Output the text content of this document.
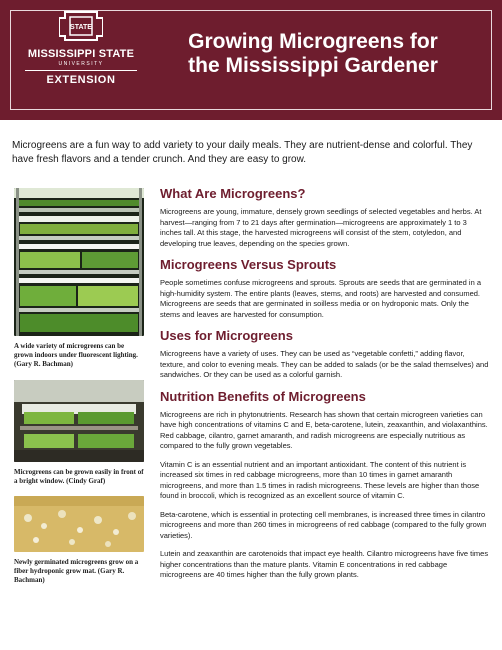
STATE
MISSISSIPPI STATE
UNIVERSITY
EXTENSION
Growing Microgreens for
the Mississippi Gardener
Microgreens are a fun way to add variety to your daily meals. They are nutrient-dense and colorful. They have fresh flavors and a tender crunch. And they are easy to grow.
A wide variety of microgreens can be grown indoors under fluorescent lighting. (Gary R. Bachman)
Microgreens can be grown easily in front of a bright window. (Cindy Graf)
Newly germinated microgreens grow on a fiber hydroponic grow mat. (Gary R. Bachman)
What Are Microgreens?

Microgreens are young, immature, densely grown seedlings of selected vegetables and herbs. At harvest—ranging from 7 to 21 days after germination—microgreens are approximately 1 to 3 inches tall. At this stage, the harvested microgreens will consist of the stem, cotyledon, and developing true leaves, depending on the species grown.

Microgreens Versus Sprouts

People sometimes confuse microgreens and sprouts. Sprouts are seeds that are germinated in a high-humidity system. The entire plants (leaves, stems, and roots) are harvested and consumed. Microgreens are seeds that are germinated in soilless media or on hydroponic mats. Only the stems and leaves are harvested for consumption.

Uses for Microgreens

Microgreens have a variety of uses. They can be used as “vegetable confetti,” adding flavor, texture, and color to evening meals. They can be added to salads (or be the salad themselves) and sandwiches. Or they can be used as a colorful garnish.

Nutrition Benefits of Microgreens

Microgreens are rich in phytonutrients. Research has shown that certain microgreen varieties can have high concentrations of vitamins C and E, beta-carotene, lutein, zeaxanthin, and violaxanthins. Red cabbage, cilantro, garnet amaranth, and radish microgreens are especially nutritious as compared to the fully grown vegetables.

Vitamin C is an essential nutrient and an important antioxidant. The content of this nutrient is increased six times in red cabbage microgreens, more than 10 times in garnet amaranth microgreens, and more than 1.5 times in radish microgreens. These levels are higher than those found in broccoli, which is recognized as an excellent source of vitamin C.

Beta-carotene, which is essential in protecting cell membranes, is increased three times in cilantro microgreens and more than 260 times in microgreens of red cabbage (compared to the fully grown varieties).

Lutein and zeaxanthin are carotenoids that impact eye health. Cilantro microgreens have five times higher concentrations than the mature plants. Vitamin E concentrations in red cabbage microgreens are 40 times higher than the fully grown plants.
